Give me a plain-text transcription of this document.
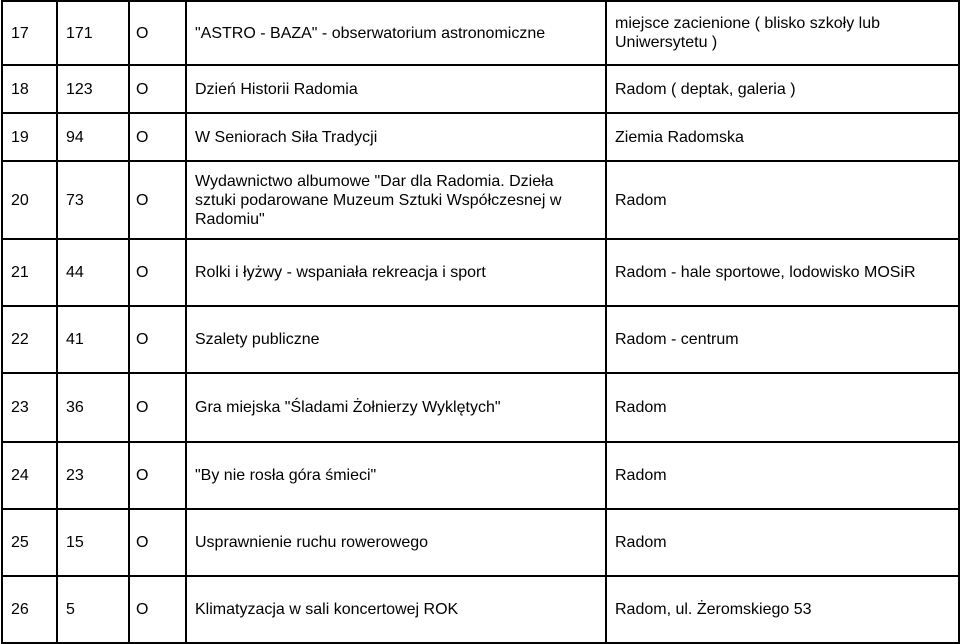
17	171	O	"ASTRO - BAZA" - obserwatorium astronomiczne	miejsce zacienione ( blisko szkoły lub Uniwersytetu )
18	123	O	Dzień Historii Radomia	Radom ( deptak, galeria )
19	94	O	W Seniorach Siła Tradycji	Ziemia Radomska
20	73	O	Wydawnictwo albumowe "Dar dla Radomia. Dzieła sztuki podarowane Muzeum Sztuki Współczesnej w Radomiu"	Radom
21	44	O	Rolki i łyżwy - wspaniała rekreacja i sport	Radom - hale sportowe, lodowisko MOSiR
22	41	O	Szalety publiczne	Radom - centrum
23	36	O	Gra miejska "Śladami Żołnierzy Wyklętych"	Radom
24	23	O	"By nie rosła góra śmieci"	Radom
25	15	O	Usprawnienie ruchu rowerowego	Radom
26	5	O	Klimatyzacja w sali koncertowej ROK	Radom, ul. Żeromskiego 53
